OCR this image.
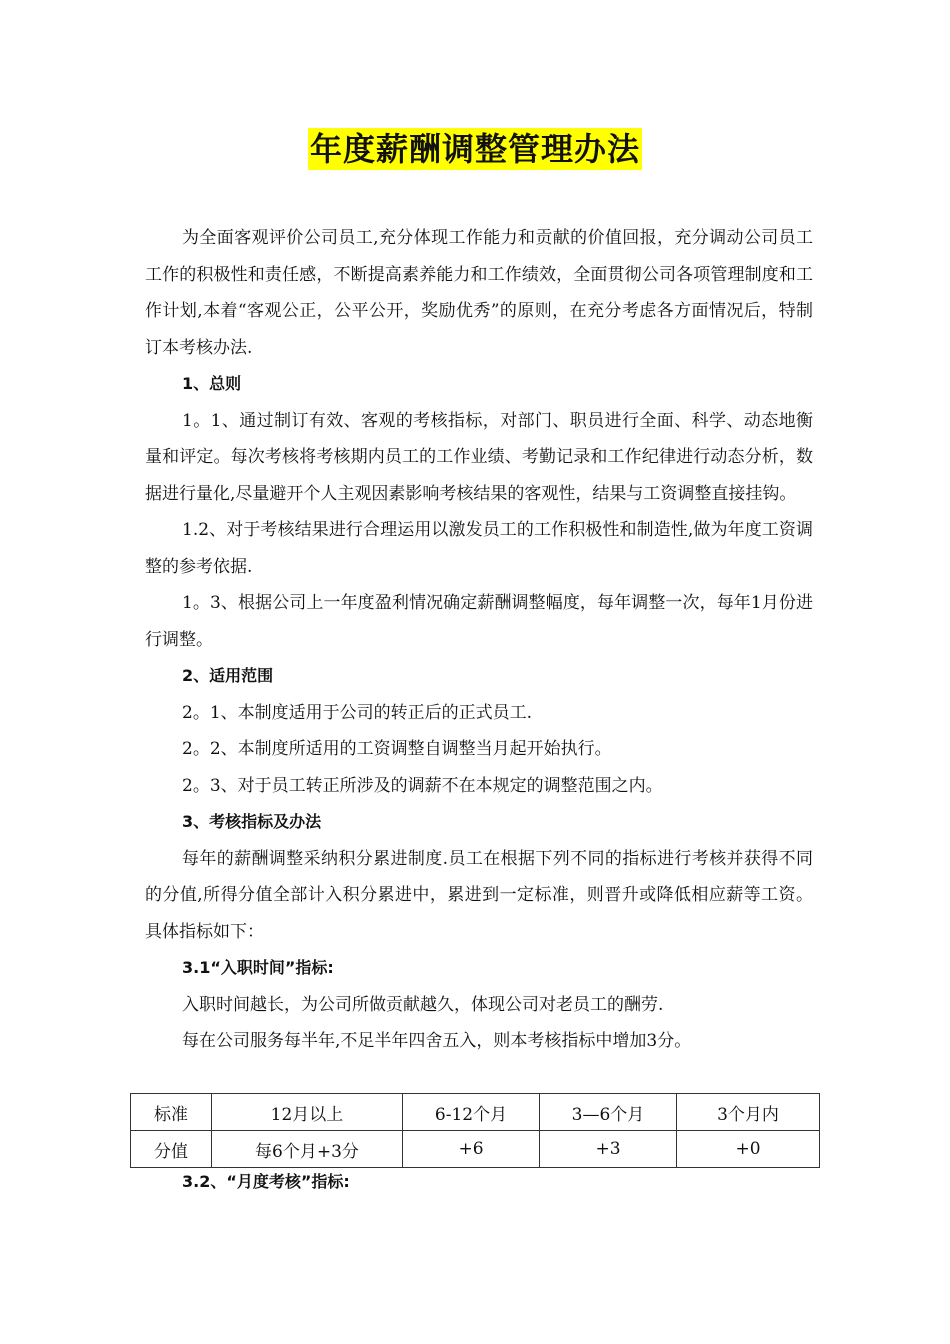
年度薪酬调整管理办法

为全面客观评价公司员工,充分体现工作能力和贡献的价值回报，充分调动公司员工工作的积极性和责任感，不断提高素养能力和工作绩效，全面贯彻公司各项管理制度和工作计划,本着“客观公正，公平公开，奖励优秀”的原则，在充分考虑各方面情况后，特制订本考核办法.

1、总则

1。1、通过制订有效、客观的考核指标，对部门、职员进行全面、科学、动态地衡量和评定。每次考核将考核期内员工的工作业绩、考勤记录和工作纪律进行动态分析，数据进行量化,尽量避开个人主观因素影响考核结果的客观性，结果与工资调整直接挂钩。

1.2、对于考核结果进行合理运用以激发员工的工作积极性和制造性,做为年度工资调整的参考依据.

1。3、根据公司上一年度盈利情况确定薪酬调整幅度，每年调整一次，每年1月份进行调整。

2、适用范围

2。1、本制度适用于公司的转正后的正式员工.

2。2、本制度所适用的工资调整自调整当月起开始执行。

2。3、对于员工转正所涉及的调薪不在本规定的调整范围之内。

3、考核指标及办法

每年的薪酬调整采纳积分累进制度.员工在根据下列不同的指标进行考核并获得不同的分值,所得分值全部计入积分累进中，累进到一定标准，则晋升或降低相应薪等工资。具体指标如下：

3.1“入职时间”指标:

入职时间越长，为公司所做贡献越久，体现公司对老员工的酬劳.

每在公司服务每半年,不足半年四舍五入，则本考核指标中增加3分。

标准	12月以上	6-12个月	3—6个月	3个月内
分值	每6个月+3分	+6	+3	+0
3.2、“月度考核”指标:
